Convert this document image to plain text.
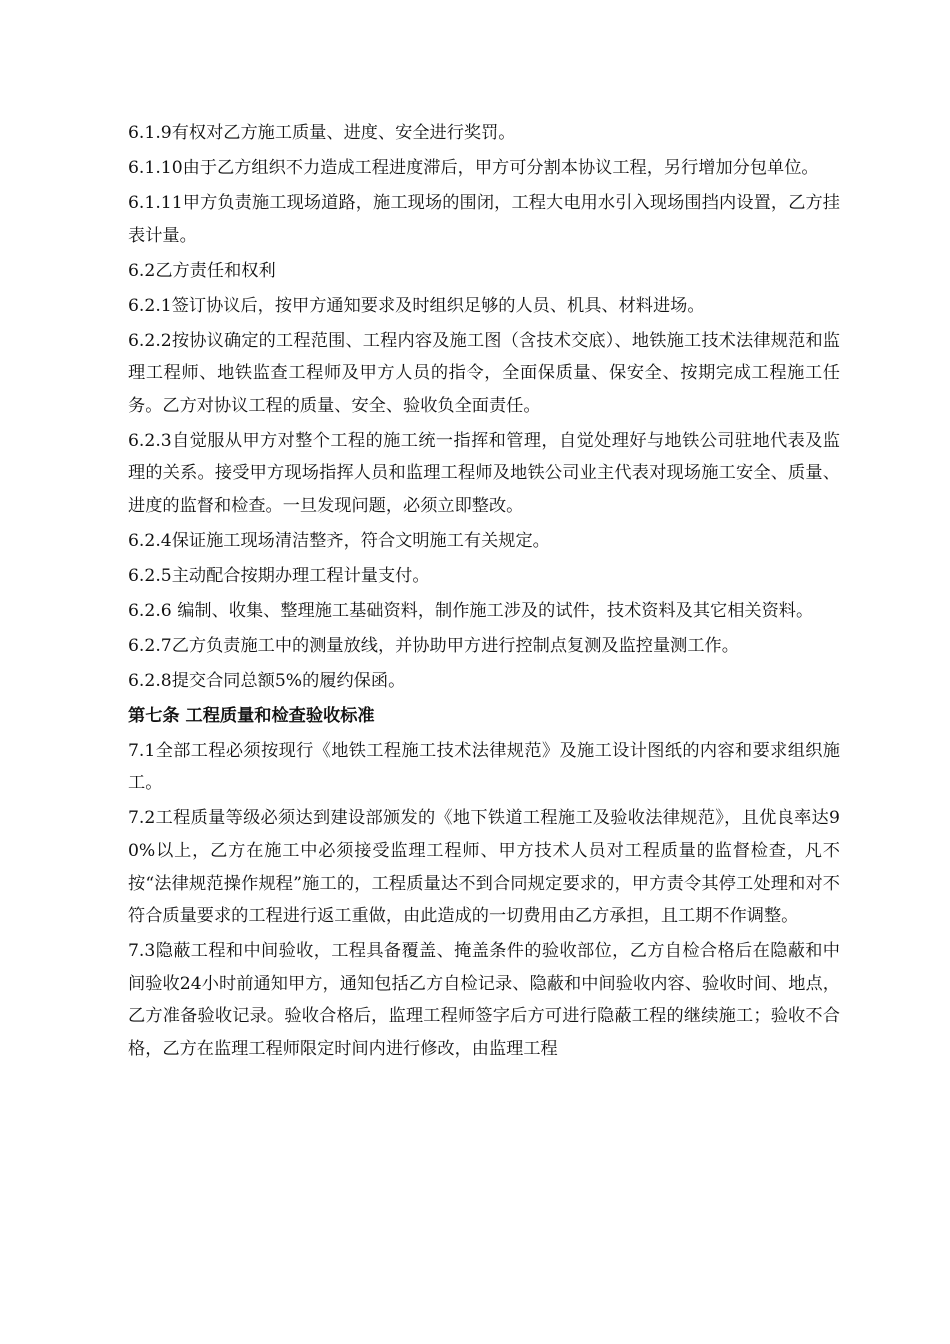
6.1.9有权对乙方施工质量、进度、安全进行奖罚。

6.1.10由于乙方组织不力造成工程进度滞后，甲方可分割本协议工程，另行增加分包单位。

6.1.11甲方负责施工现场道路，施工现场的围闭，工程大电用水引入现场围挡内设置，乙方挂表计量。

6.2乙方责任和权利

6.2.1签订协议后，按甲方通知要求及时组织足够的人员、机具、材料进场。

6.2.2按协议确定的工程范围、工程内容及施工图（含技术交底）、地铁施工技术法律规范和监理工程师、地铁监查工程师及甲方人员的指令，全面保质量、保安全、按期完成工程施工任务。乙方对协议工程的质量、安全、验收负全面责任。

6.2.3自觉服从甲方对整个工程的施工统一指挥和管理，自觉处理好与地铁公司驻地代表及监理的关系。接受甲方现场指挥人员和监理工程师及地铁公司业主代表对现场施工安全、质量、进度的监督和检查。一旦发现问题，必须立即整改。

6.2.4保证施工现场清洁整齐，符合文明施工有关规定。

6.2.5主动配合按期办理工程计量支付。

6.2.6 编制、收集、整理施工基础资料，制作施工涉及的试件，技术资料及其它相关资料。

6.2.7乙方负责施工中的测量放线，并协助甲方进行控制点复测及监控量测工作。

6.2.8提交合同总额5%的履约保函。

第七条 工程质量和检查验收标准

7.1全部工程必须按现行《地铁工程施工技术法律规范》及施工设计图纸的内容和要求组织施工。

7.2工程质量等级必须达到建设部颁发的《地下铁道工程施工及验收法律规范》，且优良率达90%以上，乙方在施工中必须接受监理工程师、甲方技术人员对工程质量的监督检查，凡不按“法律规范操作规程”施工的，工程质量达不到合同规定要求的，甲方责令其停工处理和对不符合质量要求的工程进行返工重做，由此造成的一切费用由乙方承担，且工期不作调整。

7.3隐蔽工程和中间验收，工程具备覆盖、掩盖条件的验收部位，乙方自检合格后在隐蔽和中间验收24小时前通知甲方，通知包括乙方自检记录、隐蔽和中间验收内容、验收时间、地点，乙方准备验收记录。验收合格后，监理工程师签字后方可进行隐蔽工程的继续施工；验收不合格，乙方在监理工程师限定时间内进行修改，由监理工程
